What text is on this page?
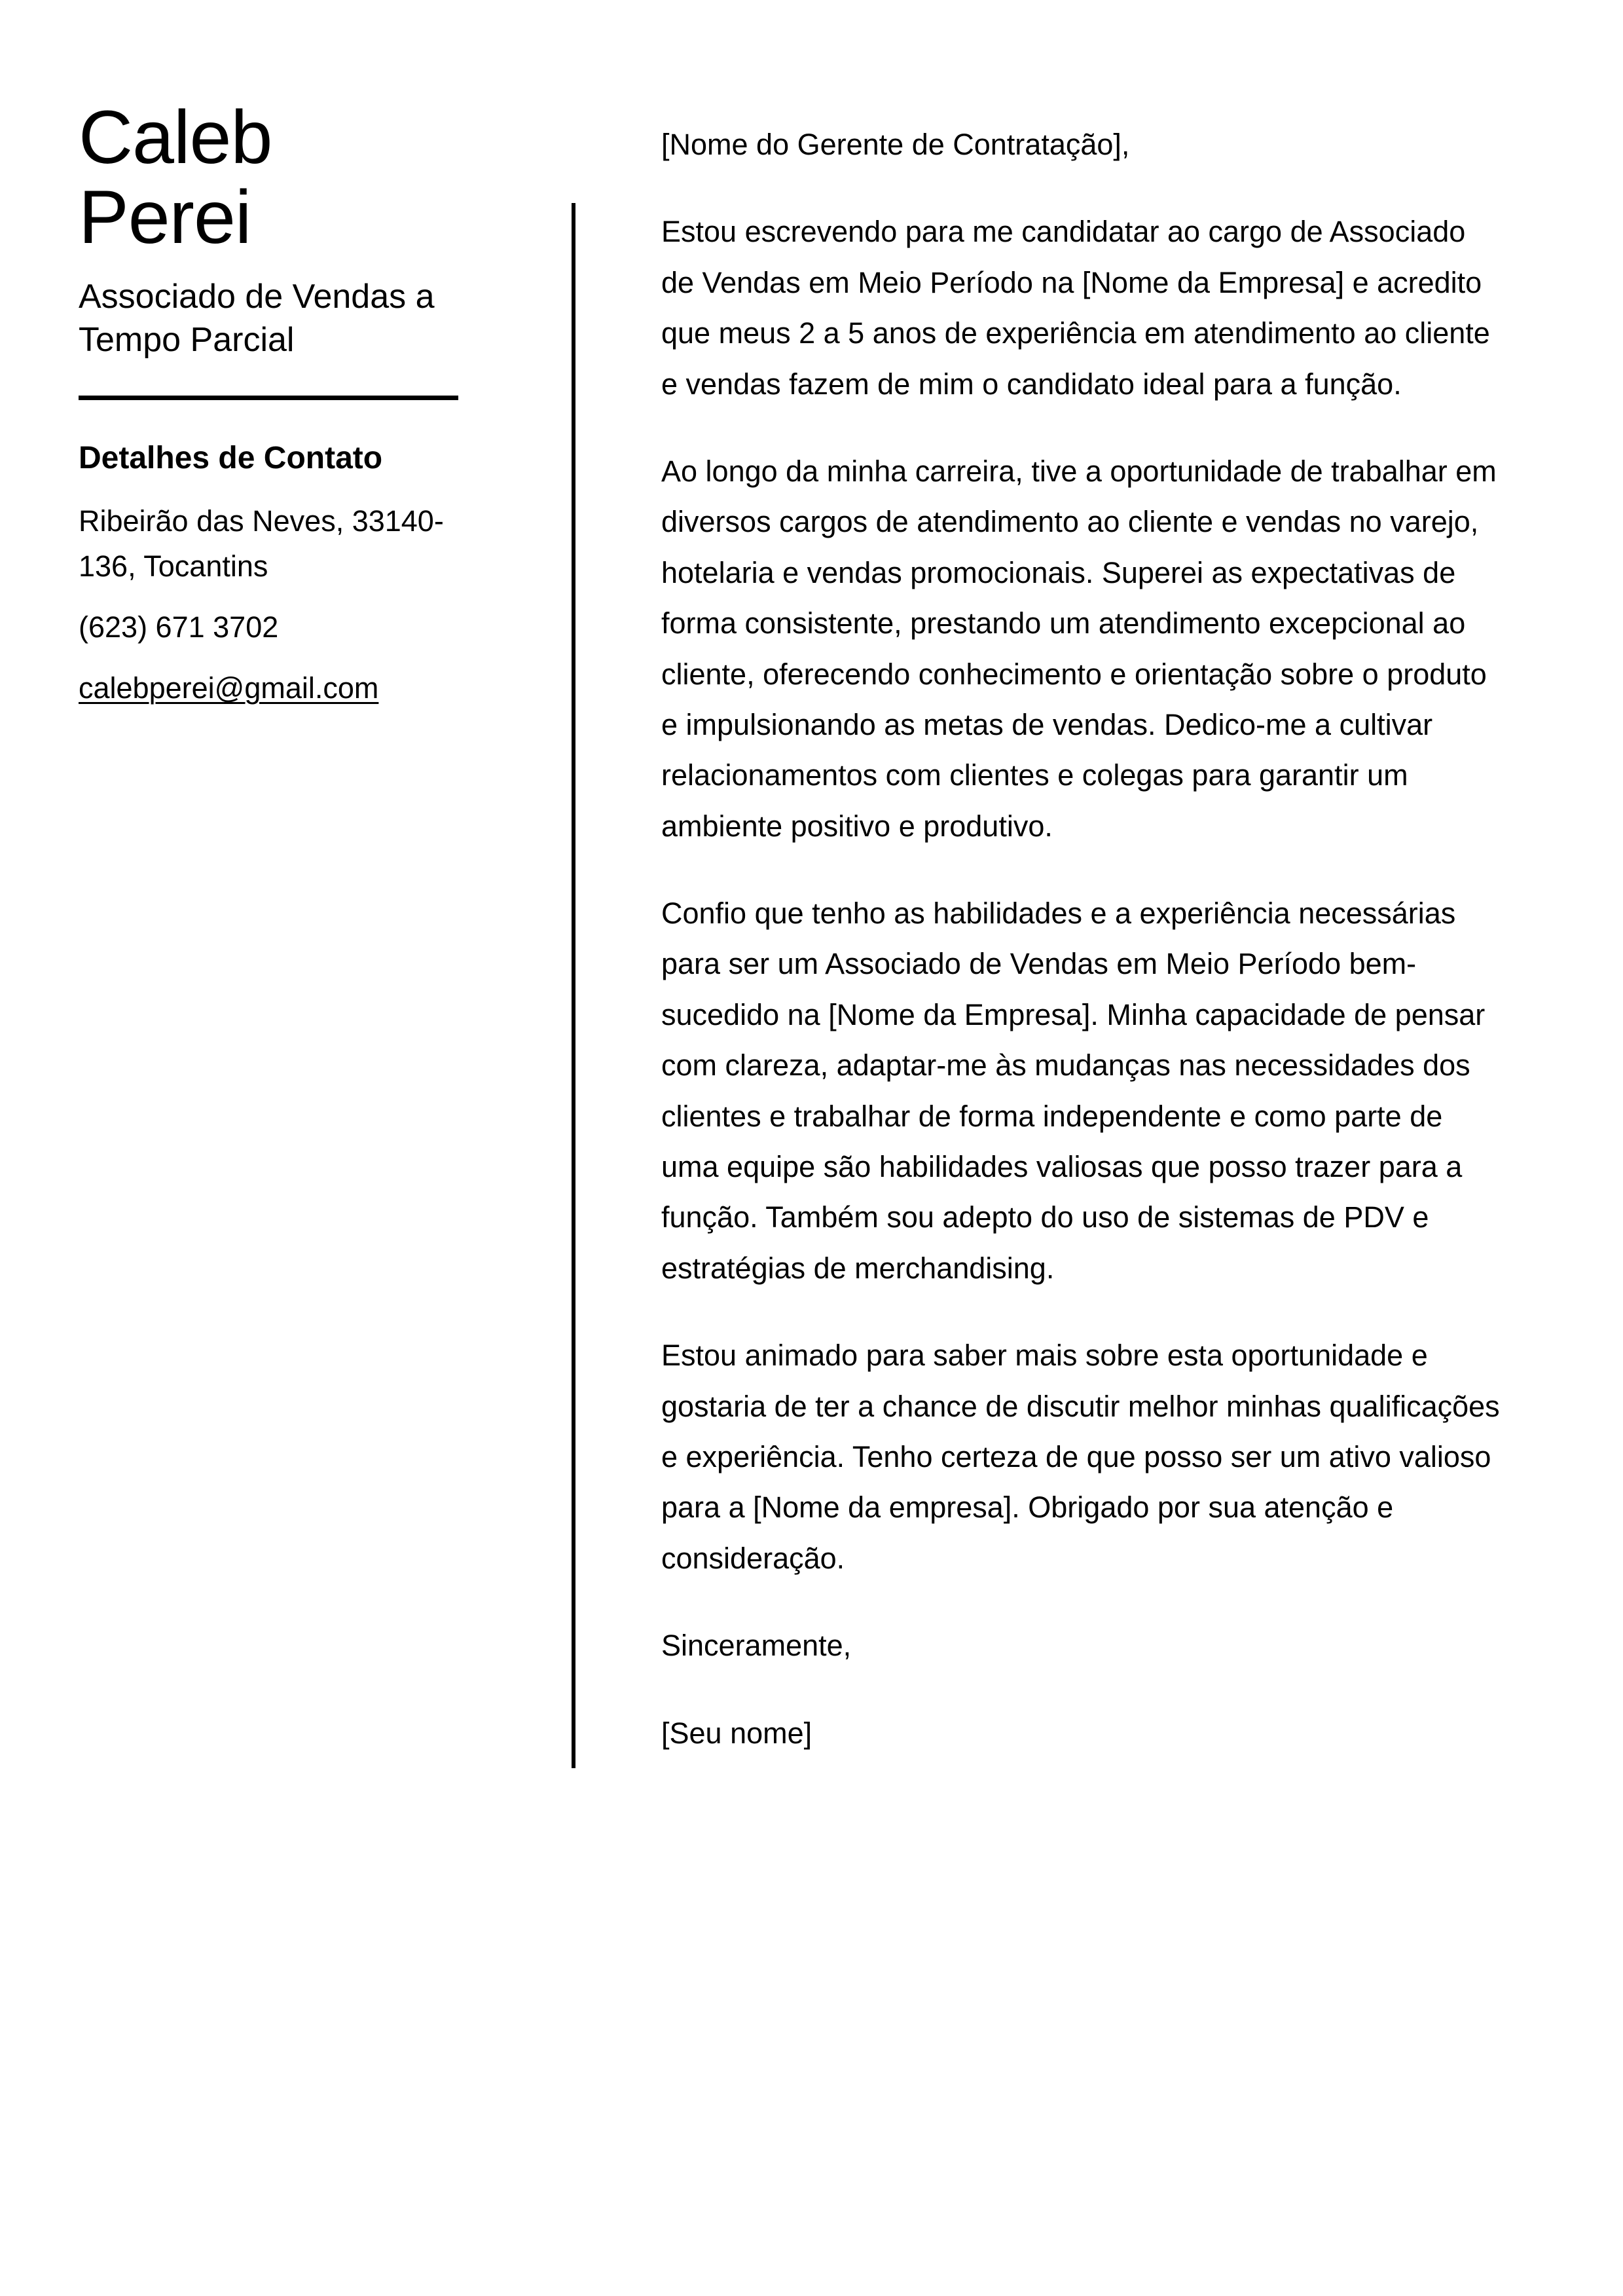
Caleb
Perei
Associado de Vendas a Tempo Parcial
Detalhes de Contato
Ribeirão das Neves, 33140-136, Tocantins
(623) 671 3702
calebperei@gmail.com

[Nome do Gerente de Contratação],

Estou escrevendo para me candidatar ao cargo de Associado de Vendas em Meio Período na [Nome da Empresa] e acredito que meus 2 a 5 anos de experiência em atendimento ao cliente e vendas fazem de mim o candidato ideal para a função.

Ao longo da minha carreira, tive a oportunidade de trabalhar em diversos cargos de atendimento ao cliente e vendas no varejo, hotelaria e vendas promocionais. Superei as expectativas de forma consistente, prestando um atendimento excepcional ao cliente, oferecendo conhecimento e orientação sobre o produto e impulsionando as metas de vendas. Dedico-me a cultivar relacionamentos com clientes e colegas para garantir um ambiente positivo e produtivo.

Confio que tenho as habilidades e a experiência necessárias para ser um Associado de Vendas em Meio Período bem-sucedido na [Nome da Empresa]. Minha capacidade de pensar com clareza, adaptar-me às mudanças nas necessidades dos clientes e trabalhar de forma independente e como parte de uma equipe são habilidades valiosas que posso trazer para a função. Também sou adepto do uso de sistemas de PDV e estratégias de merchandising.

Estou animado para saber mais sobre esta oportunidade e gostaria de ter a chance de discutir melhor minhas qualificações e experiência. Tenho certeza de que posso ser um ativo valioso para a [Nome da empresa]. Obrigado por sua atenção e consideração.

Sinceramente,

[Seu nome]
